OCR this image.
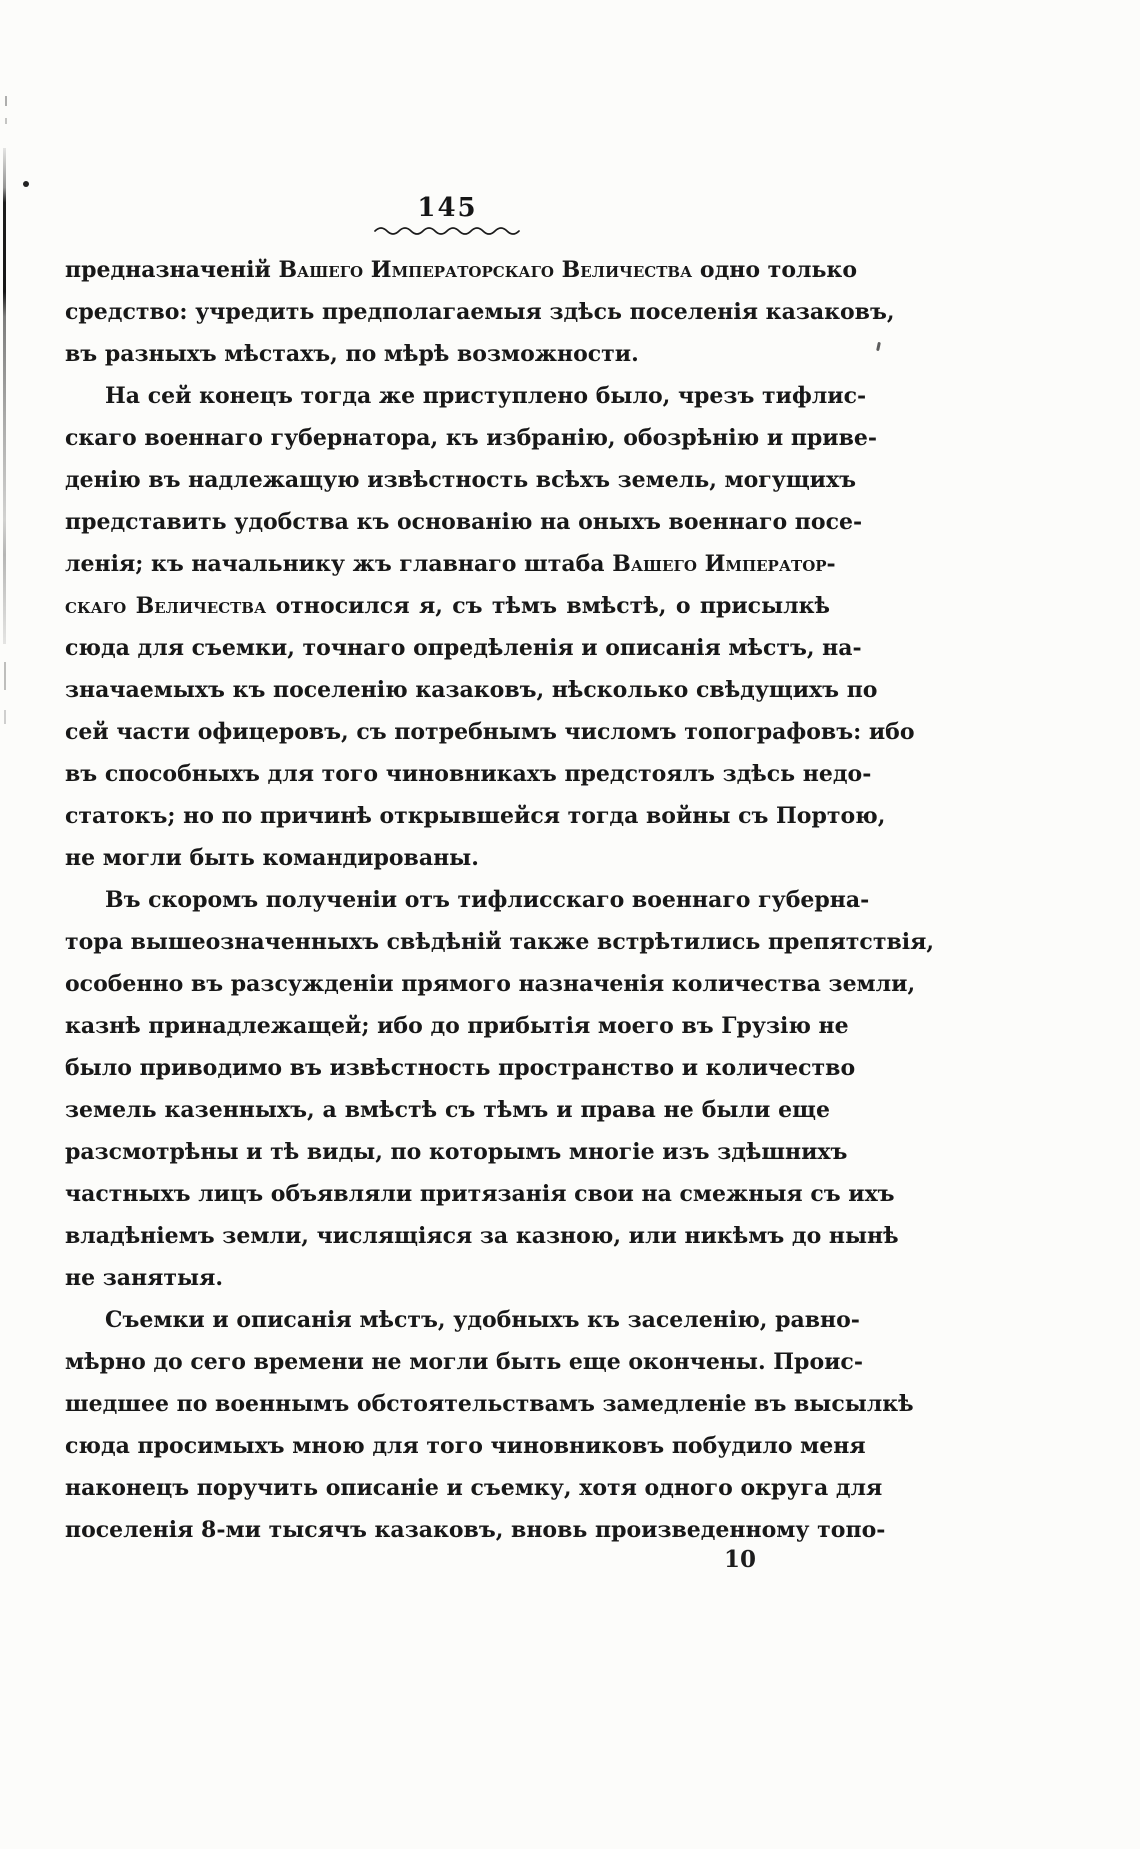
145
предназначеній Вашего Императорскаго Величества одно только
средство: учредить предполагаемыя здѣсь поселенія казаковъ,
въ разныхъ мѣстахъ, по мѣрѣ возможности.
На сей конецъ тогда же приступлено было, чрезъ тифлис-
скаго военнаго губернатора, къ избранію, обозрѣнію и приве-
денію въ надлежащую извѣстность всѣхъ земель, могущихъ
представить удобства къ основанію на оныхъ военнаго посе-
ленія; къ начальнику жъ главнаго штаба Вашего Император-
скаго Величества относился я, съ тѣмъ вмѣстѣ, о присылкѣ
сюда для съемки, точнаго опредѣленія и описанія мѣстъ, на-
значаемыхъ къ поселенію казаковъ, нѣсколько свѣдущихъ по
сей части офицеровъ, съ потребнымъ числомъ топографовъ: ибо
въ способныхъ для того чиновникахъ предстоялъ здѣсь недо-
статокъ; но по причинѣ открывшейся тогда войны съ Портою,
не могли быть командированы.
Въ скоромъ полученіи отъ тифлисскаго военнаго губерна-
тора вышеозначенныхъ свѣдѣній также встрѣтились препятствія,
особенно въ разсужденіи прямого назначенія количества земли,
казнѣ принадлежащей; ибо до прибытія моего въ Грузію не
было приводимо въ извѣстность пространство и количество
земель казенныхъ, а вмѣстѣ съ тѣмъ и права не были еще
разсмотрѣны и тѣ виды, по которымъ многіе изъ здѣшнихъ
частныхъ лицъ объявляли притязанія свои на смежныя съ ихъ
владѣніемъ земли, числящіяся за казною, или никѣмъ до нынѣ
не занятыя.
Съемки и описанія мѣстъ, удобныхъ къ заселенію, равно-
мѣрно до сего времени не могли быть еще окончены. Проис-
шедшее по военнымъ обстоятельствамъ замедленіе въ высылкѣ
сюда просимыхъ мною для того чиновниковъ побудило меня
наконецъ поручить описаніе и съемку, хотя одного округа для
поселенія 8-ми тысячъ казаковъ, вновь произведенному топо-
10
